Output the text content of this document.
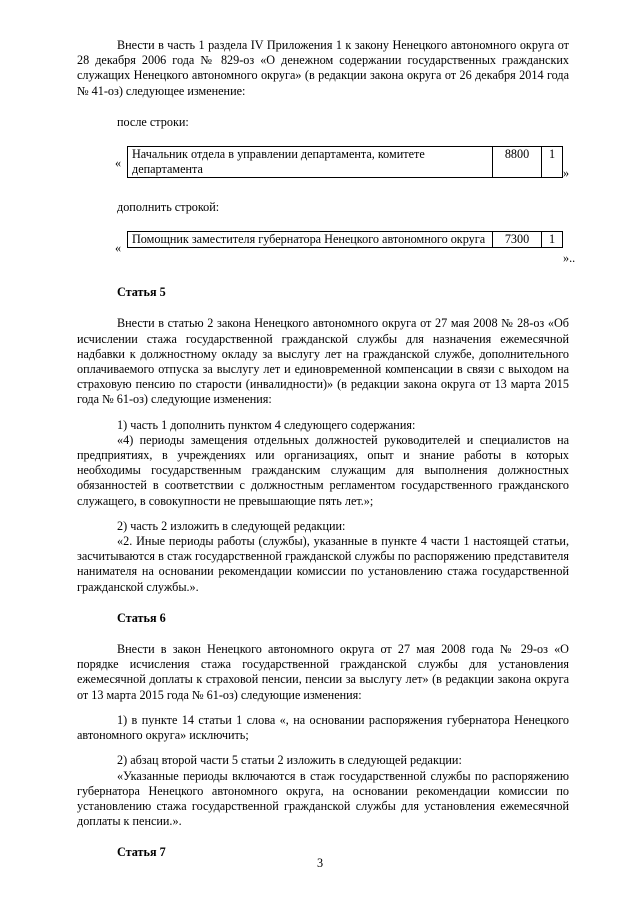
Внести в часть 1 раздела IV Приложения 1 к закону Ненецкого автономного округа от 28 декабря 2006 года № 829-оз «О денежном содержании государственных гражданских служащих Ненецкого автономного округа» (в редакции закона округа от 26 декабря 2014 года № 41-оз) следующее изменение:

после строки:

«
Начальник отдела в управлении департамента, комитете департамента	8800	1
»

дополнить строкой:

«
Помощник заместителя губернатора Ненецкого автономного округа	7300	1
»..

Статья 5

Внести в статью 2 закона Ненецкого автономного округа от 27 мая 2008 № 28-оз «Об исчислении стажа государственной гражданской службы для назначения ежемесячной надбавки к должностному окладу за выслугу лет на гражданской службе, дополнительного оплачиваемого отпуска за выслугу лет и единовременной компенсации в связи с выходом на страховую пенсию по старости (инвалидности)» (в редакции закона округа от 13 марта 2015 года № 61-оз) следующие изменения:

1) часть 1 дополнить пунктом 4 следующего содержания:

«4) периоды замещения отдельных должностей руководителей и специалистов на предприятиях, в учреждениях или организациях, опыт и знание работы в которых необходимы государственным гражданским служащим для выполнения должностных обязанностей в соответствии с должностным регламентом государственного гражданского служащего, в совокупности не превышающие пять лет.»;

2) часть 2 изложить в следующей редакции:

«2. Иные периоды работы (службы), указанные в пункте 4 части 1 настоящей статьи, засчитываются в стаж государственной гражданской службы по распоряжению представителя нанимателя на основании рекомендации комиссии по установлению стажа государственной гражданской службы.».

Статья 6

Внести в закон Ненецкого автономного округа от 27 мая 2008 года № 29-оз «О порядке исчисления стажа государственной гражданской службы для установления ежемесячной доплаты к страховой пенсии, пенсии за выслугу лет» (в редакции закона округа от 13 марта 2015 года № 61-оз) следующие изменения:

1) в пункте 14 статьи 1 слова «, на основании распоряжения губернатора Ненецкого автономного округа» исключить;

2) абзац второй части 5 статьи 2 изложить в следующей редакции:

«Указанные периоды включаются в стаж государственной службы по распоряжению губернатора Ненецкого автономного округа, на основании рекомендации комиссии по установлению стажа государственной гражданской службы для установления ежемесячной доплаты к пенсии.».

Статья 7

3
